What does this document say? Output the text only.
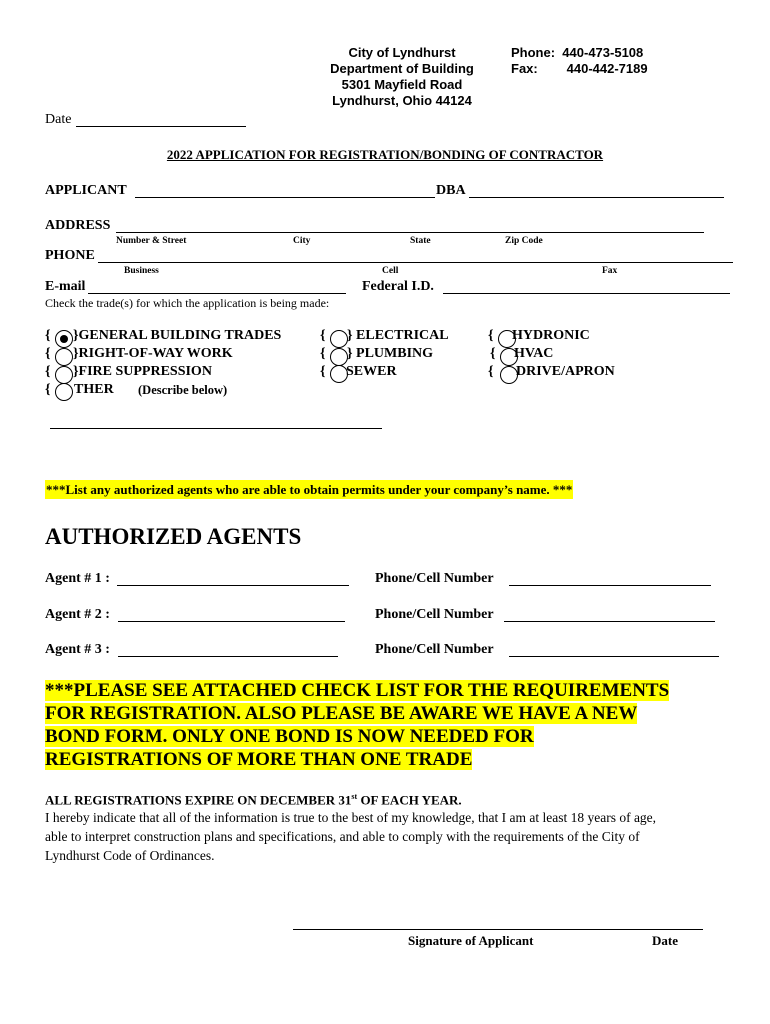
City of Lyndhurst
Department of Building
5301 Mayfield Road
Lyndhurst, Ohio 44124
Phone: 440-473-5108
Fax: 440-442-7189
Date
2022 APPLICATION FOR REGISTRATION/BONDING OF CONTRACTOR
APPLICANT	DBA
ADDRESS
Number & Street	City	State	Zip Code
PHONE
Business	Cell	Fax
E-mail	Federal I.D.
Check the trade(s) for which the application is being made:
{ }GENERAL BUILDING TRADES
{ }RIGHT-OF-WAY WORK
{ }FIRE SUPPRESSION
{ THER (Describe below)
{ } ELECTRICAL
{ } PLUMBING
{ SEWER
{ HYDRONIC
{ HVAC
{ DRIVE/APRON
***List any authorized agents who are able to obtain permits under your company’s name. ***
AUTHORIZED AGENTS
Agent # 1 :	Phone/Cell Number
Agent # 2 :	Phone/Cell Number
Agent # 3 :	Phone/Cell Number
***PLEASE SEE ATTACHED CHECK LIST FOR THE REQUIREMENTS
FOR REGISTRATION. ALSO PLEASE BE AWARE WE HAVE A NEW
BOND FORM. ONLY ONE BOND IS NOW NEEDED FOR
REGISTRATIONS OF MORE THAN ONE TRADE
ALL REGISTRATIONS EXPIRE ON DECEMBER 31st OF EACH YEAR.
I hereby indicate that all of the information is true to the best of my knowledge, that I am at least 18 years of age,
able to interpret construction plans and specifications, and able to comply with the requirements of the City of
Lyndhurst Code of Ordinances.
Signature of Applicant	Date
